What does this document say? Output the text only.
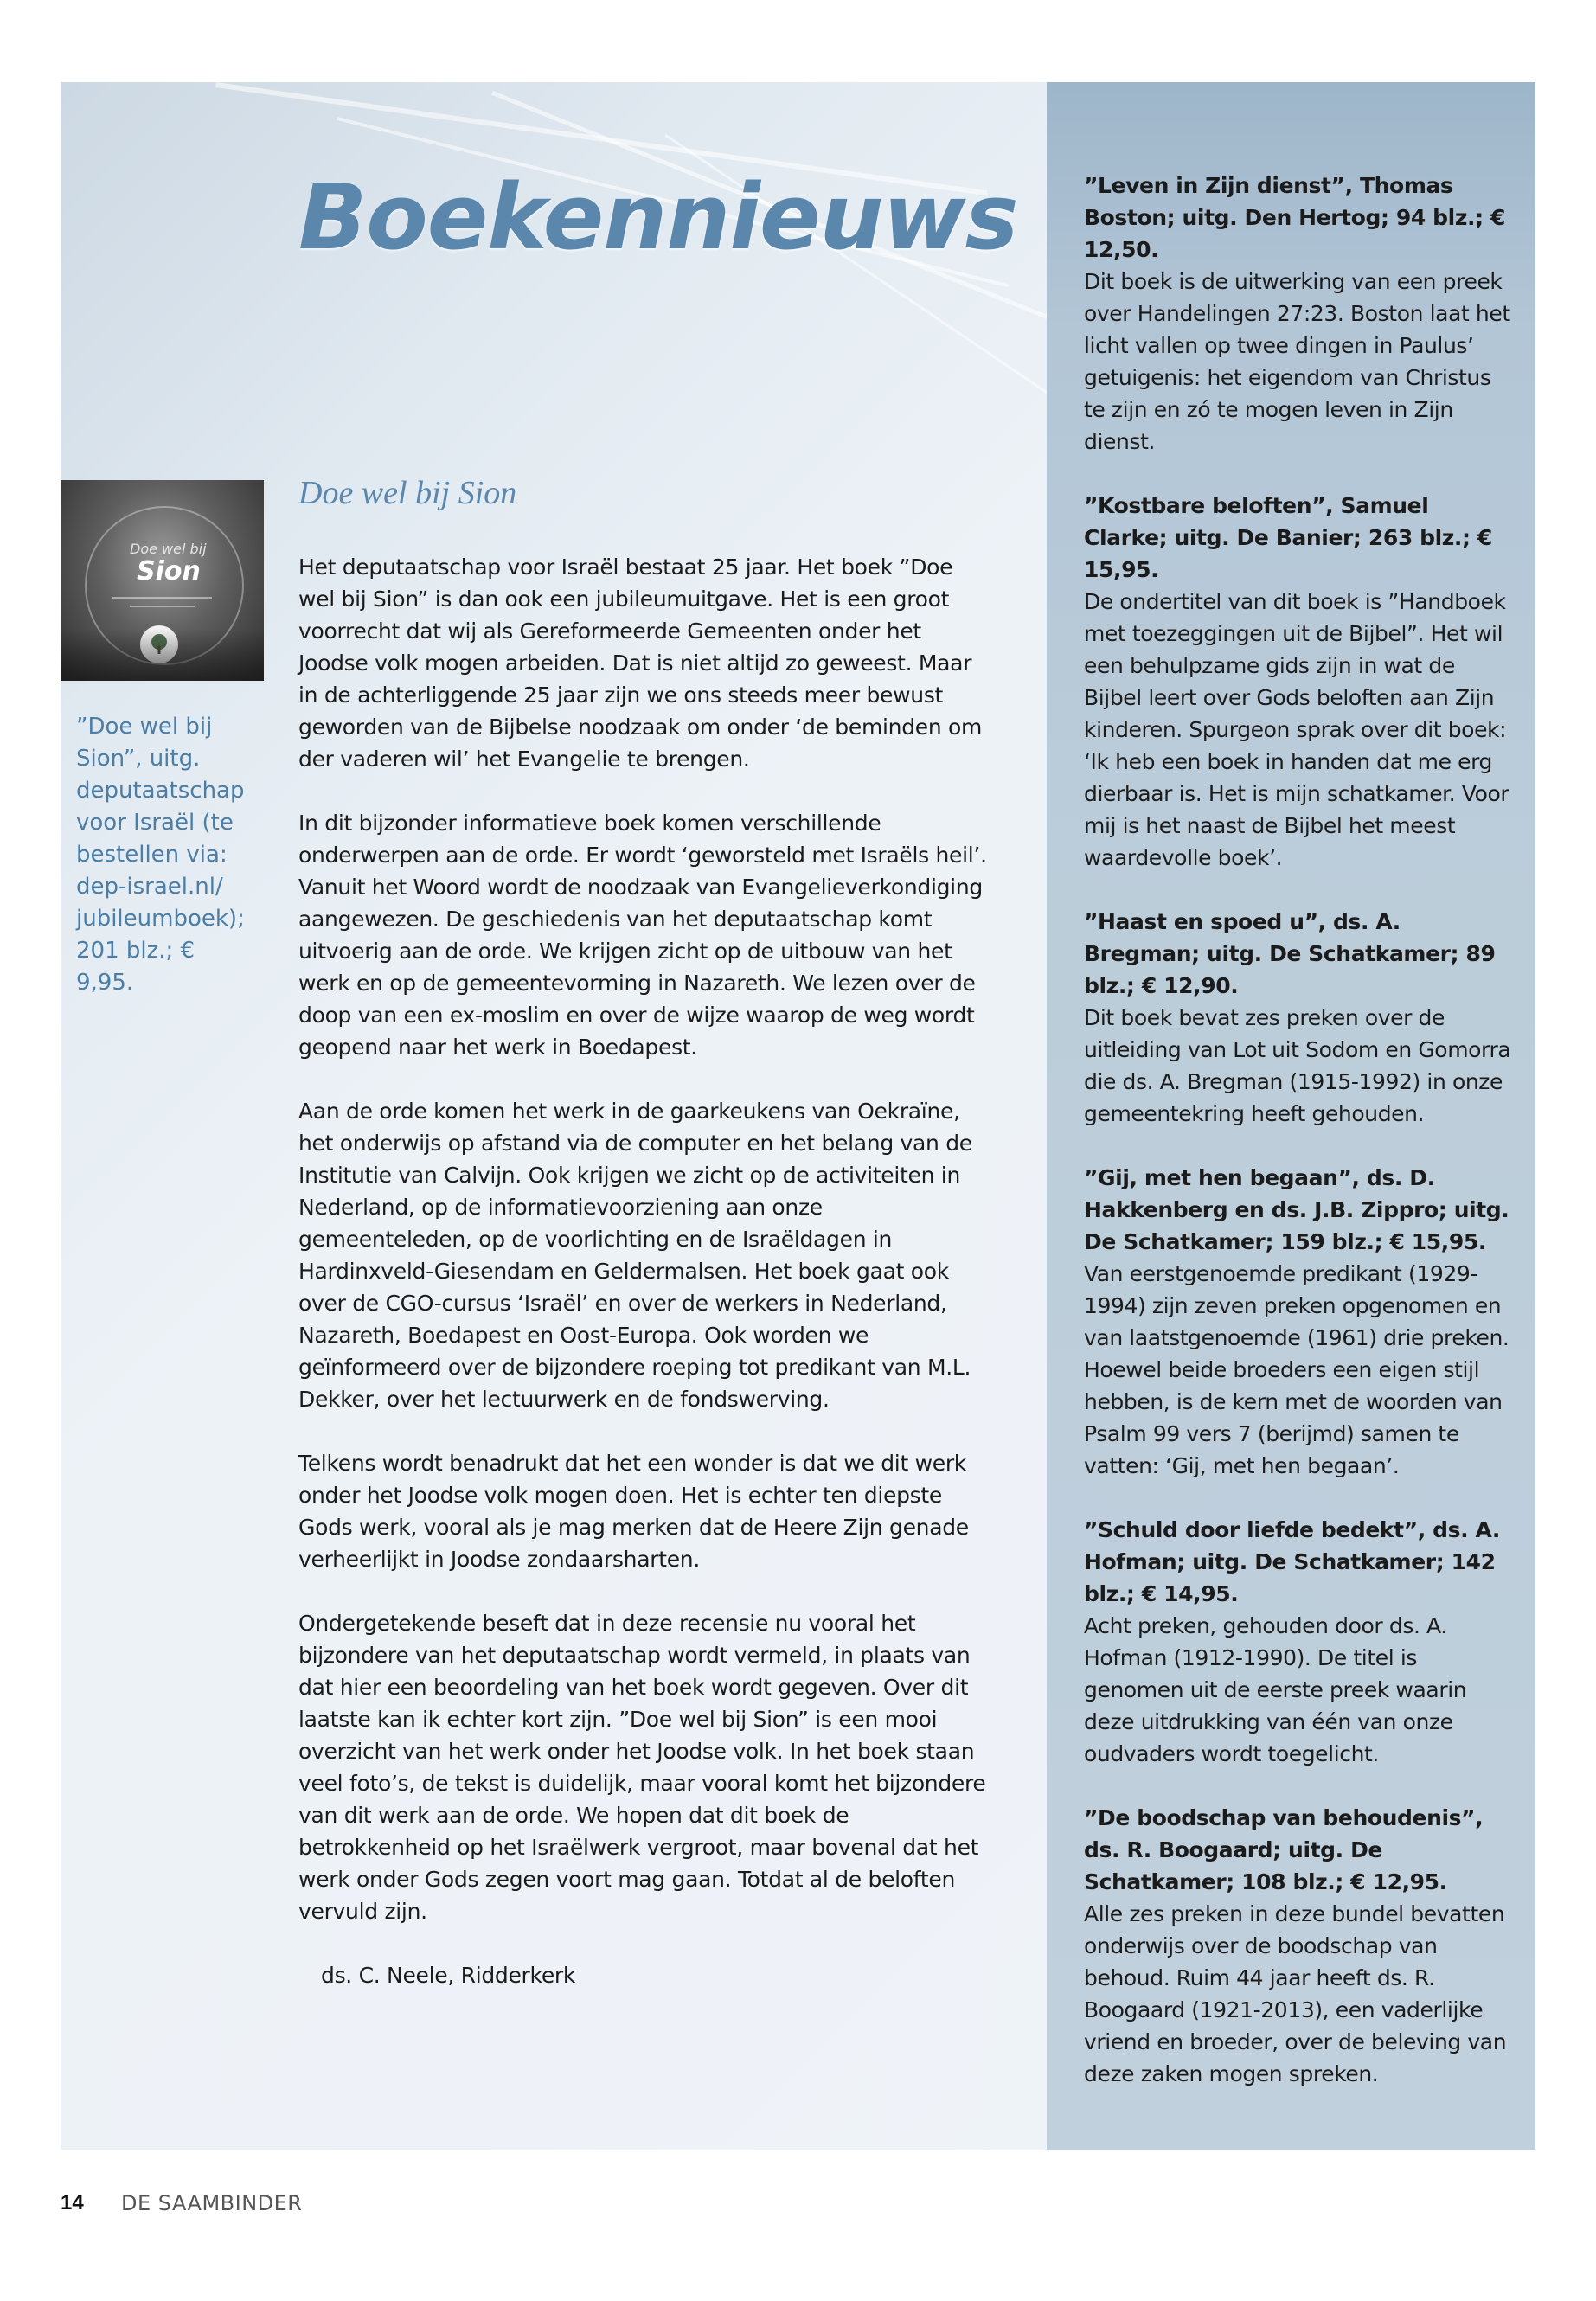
Boekennieuws
Doe wel bij
Sion

”Doe wel bij Sion”, uitg. deputaatschap voor Israël (te bestellen via: dep-israel.nl/ jubileumboek); 201 blz.; € 9,95.

Doe wel bij Sion

Het deputaatschap voor Israël bestaat 25 jaar. Het boek ”Doe wel bij Sion” is dan ook een jubileumuitgave. Het is een groot voorrecht dat wij als Gereformeerde Gemeenten onder het Joodse volk mogen arbeiden. Dat is niet altijd zo geweest. Maar in de achterliggende 25 jaar zijn we ons steeds meer bewust geworden van de Bijbelse noodzaak om onder ‘de beminden om der vaderen wil’ het Evangelie te brengen.

In dit bijzonder informatieve boek komen verschillende onderwerpen aan de orde. Er wordt ‘geworsteld met Israëls heil’. Vanuit het Woord wordt de noodzaak van Evangelieverkondiging aangewezen. De geschiedenis van het deputaatschap komt uitvoerig aan de orde. We krijgen zicht op de uitbouw van het werk en op de gemeentevorming in Nazareth. We lezen over de doop van een ex-moslim en over de wijze waarop de weg wordt geopend naar het werk in Boedapest.

Aan de orde komen het werk in de gaarkeukens van Oekraïne, het onderwijs op afstand via de computer en het belang van de Institutie van Calvijn. Ook krijgen we zicht op de activiteiten in Nederland, op de informatievoorziening aan onze gemeenteleden, op de voorlichting en de Israëldagen in Hardinxveld-Giesendam en Geldermalsen. Het boek gaat ook over de CGO-cursus ‘Israël’ en over de werkers in Nederland, Nazareth, Boedapest en Oost-Europa. Ook worden we geïnformeerd over de bijzondere roeping tot predikant van M.L. Dekker, over het lectuurwerk en de fondswerving.

Telkens wordt benadrukt dat het een wonder is dat we dit werk onder het Joodse volk mogen doen. Het is echter ten diepste Gods werk, vooral als je mag merken dat de Heere Zijn genade verheerlijkt in Joodse zondaarsharten.

Ondergetekende beseft dat in deze recensie nu vooral het bijzondere van het deputaatschap wordt vermeld, in plaats van dat hier een beoordeling van het boek wordt gegeven. Over dit laatste kan ik echter kort zijn. ”Doe wel bij Sion” is een mooi overzicht van het werk onder het Joodse volk. In het boek staan veel foto’s, de tekst is duidelijk, maar vooral komt het bijzondere van dit werk aan de orde. We hopen dat dit boek de betrokkenheid op het Israëlwerk vergroot, maar bovenal dat het werk onder Gods zegen voort mag gaan. Totdat al de beloften vervuld zijn.

ds. C. Neele, Ridderkerk

”Leven in Zijn dienst”, Thomas Boston; uitg. Den Hertog; 94 blz.; € 12,50.

Dit boek is de uitwerking van een preek over Handelingen 27:23. Boston laat het licht vallen op twee dingen in Paulus’ getuigenis: het eigendom van Christus te zijn en zó te mogen leven in Zijn dienst.

”Kostbare beloften”, Samuel Clarke; uitg. De Banier; 263 blz.; € 15,95.

De ondertitel van dit boek is ”Handboek met toezeggingen uit de Bijbel”. Het wil een behulpzame gids zijn in wat de Bijbel leert over Gods beloften aan Zijn kinderen. Spurgeon sprak over dit boek: ‘Ik heb een boek in handen dat me erg dierbaar is. Het is mijn schatkamer. Voor mij is het naast de Bijbel het meest waardevolle boek’.

”Haast en spoed u”, ds. A. Bregman; uitg. De Schatkamer; 89 blz.; € 12,90.

Dit boek bevat zes preken over de uitleiding van Lot uit Sodom en Gomorra die ds. A. Bregman (1915-1992) in onze gemeentekring heeft gehouden.

”Gij, met hen begaan”, ds. D. Hakkenberg en ds. J.B. Zippro; uitg. De Schatkamer; 159 blz.; € 15,95.

Van eerstgenoemde predikant (1929-1994) zijn zeven preken opgenomen en van laatstgenoemde (1961) drie preken. Hoewel beide broeders een eigen stijl hebben, is de kern met de woorden van Psalm 99 vers 7 (berijmd) samen te vatten: ‘Gij, met hen begaan’.

”Schuld door liefde bedekt”, ds. A. Hofman; uitg. De Schatkamer; 142 blz.; € 14,95.

Acht preken, gehouden door ds. A. Hofman (1912-1990). De titel is genomen uit de eerste preek waarin deze uitdrukking van één van onze oudvaders wordt toegelicht.

”De boodschap van behoudenis”, ds. R. Boogaard; uitg. De Schatkamer; 108 blz.; € 12,95.

Alle zes preken in deze bundel bevatten onderwijs over de boodschap van behoud. Ruim 44 jaar heeft ds. R. Boogaard (1921-2013), een vaderlijke vriend en broeder, over de beleving van deze zaken mogen spreken.

14 DE SAAMBINDER
